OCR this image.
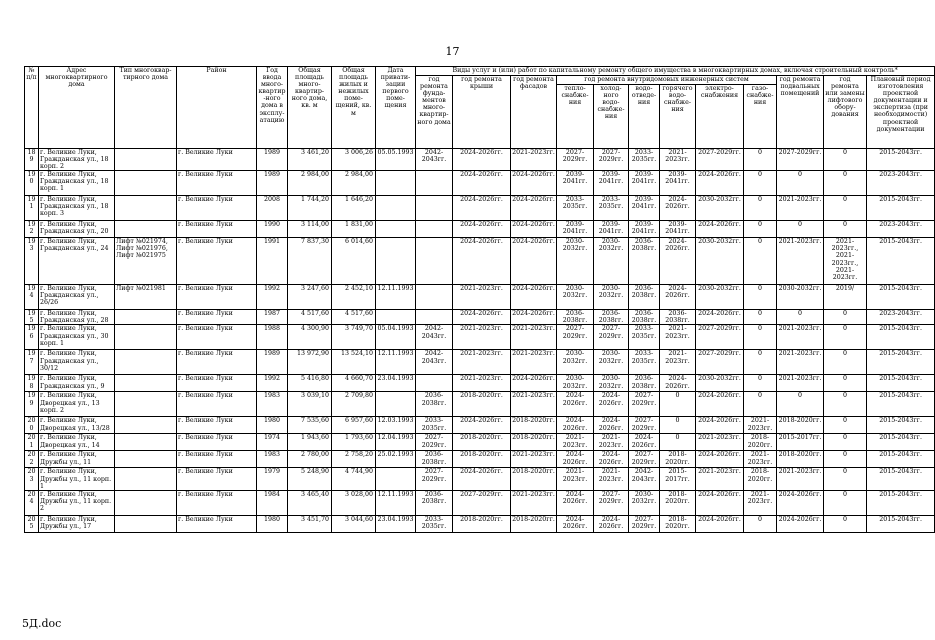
17
№ п/п	Адрес многоквартирного дома	Тип многоквар-тирного дома	Район	Год ввода много-квартир-ного дома в эксплу-атацию	Общая площадь много-квартир-ного дома, кв. м	Общая площадь жилых и нежилых поме-щений, кв. м	Дата привати-зации первого поме-щения	Виды услуг и (или) работ по капитальному ремонту общего имущества в многоквартирных домах, включая строительный контроль*											
								год ремонта фунда-ментов много-квартир-ного дома	год ремонта крыши	год ремонта фасадов	год ремонта внутридомовых инженерных систем						год ремонта подвальных помещений	год ремонта или замены лифтового обору-дования	Плановый период изготовления проектной документации и экспертиза (при необходимости) проектной документации
											тепло-снабже-ния	холод-ного водо-снабже-ния	водо-отведе-ния	горячего водо-снабже-ния	электро-снабжения	газо-снабже-ния			
189	г. Великие Луки, Гражданская ул., 18 корп. 2		г. Великие Луки	1989	3 461,20	3 006,26	05.05.1993	2042-2043гг.	2024-2026гг.	2021-2023гг.	2027-2029гг.	2027-2029гг.	2033-2035гг.	2021-2023гг.	2027-2029гг.	0	2027-2029гг.	0	2015-2043гг.
190	г. Великие Луки, Гражданская ул., 18 корп. 1		г. Великие Луки	1989	2 984,00	2 984,00			2024-2026гг.	2024-2026гг.	2039-2041гг.	2039-2041гг.	2039-2041гг.	2039-2041гг.	2024-2026гг.	0	0	0	2023-2043гг.
191	г. Великие Луки, Гражданская ул., 18 корп. 3		г. Великие Луки	2008	1 744,20	1 646,20			2024-2026гг.	2024-2026гг.	2033-2035гг.	2033-2035гг.	2039-2041гг.	2024-2026гг.	2030-2032гг.	0	2021-2023гг.	0	2015-2043гг.
192	г. Великие Луки, Гражданская ул., 20		г. Великие Луки	1990	3 114,00	1 831,00			2024-2026гг.	2024-2026гг.	2039-2041гг.	2039-2041гг.	2039-2041гг.	2039-2041гг.	2024-2026гг.	0	0	0	2023-2043гг.
193	г. Великие Луки, Гражданская ул., 24	Лифт №021974, Лифт №021976, Лифт №021975	г. Великие Луки	1991	7 837,30	6 014,60			2024-2026гг.	2024-2026гг.	2030-2032гг.	2030-2032гг.	2036-2038гг.	2024-2026гг.	2030-2032гг.	0	2021-2023гг.	2021-2023гг., 2021-2023гг., 2021-2023гг.	2015-2043гг.
194	г. Великие Луки, Гражданская ул., 26/26	Лифт №021981	г. Великие Луки	1992	3 247,60	2 452,10	12.11.1993		2021-2023гг.	2024-2026гг.	2030-2032гг.	2030-2032гг.	2036-2038гг.	2024-2026гг.	2030-2032гг.	0	2030-2032гг.	2019/	2015-2043гг.
195	г. Великие Луки, Гражданская ул., 28		г. Великие Луки	1987	4 517,60	4 517,60			2024-2026гг.	2024-2026гг.	2036-2038гг.	2036-2038гг.	2036-2038гг.	2036-2038гг.	2024-2026гг.	0	0	0	2023-2043гг.
196	г. Великие Луки, Гражданская ул., 30 корп. 1		г. Великие Луки	1988	4 300,90	3 749,70	05.04.1993	2042-2043гг.	2021-2023гг.	2021-2023гг.	2027-2029гг.	2027-2029гг.	2033-2035гг.	2021-2023гг.	2027-2029гг.	0	2021-2023гг.	0	2015-2043гг.
197	г. Великие Луки, Гражданская ул., 30/12		г. Великие Луки	1989	13 972,90	13 524,10	12.11.1993	2042-2043гг.	2021-2023гг.	2021-2023гг.	2030-2032гг.	2030-2032гг.	2033-2035гг.	2021-2023гг.	2027-2029гг.	0	2021-2023гг.	0	2015-2043гг.
198	г. Великие Луки, Гражданская ул., 9		г. Великие Луки	1992	5 416,80	4 660,70	23.04.1993		2021-2023гг.	2024-2026гг.	2030-2032гг.	2030-2032гг.	2036-2038гг.	2024-2026гг.	2030-2032гг.	0	2021-2023гг.	0	2015-2043гг.
199	г. Великие Луки, Дворецкая ул., 13 корп. 2		г. Великие Луки	1983	3 039,10	2 709,80		2036-2038гг.	2018-2020гг.	2021-2023гг.	2024-2026гг.	2024-2026гг.	2027-2029гг.	0	2024-2026гг.	0	0	0	2015-2043гг.
200	г. Великие Луки, Дворецкая ул., 13/28		г. Великие Луки	1980	7 535,60	6 957,60	12.03.1993	2033-2035гг.	2024-2026гг.	2018-2020гг.	2024-2026гг.	2024-2026гг.	2027-2029гг.	0	2024-2026гг.	2021-2023гг.	2018-2020гг.	0	2015-2043гг.
201	г. Великие Луки, Дворецкая ул., 14		г. Великие Луки	1974	1 943,60	1 793,60	12.04.1993	2027-2029гг.	2018-2020гг.	2018-2020гг.	2021-2023гг.	2021-2023гг.	2024-2026гг.	0	2021-2023гг.	2018-2020гг.	2015-2017гг.	0	2015-2043гг.
202	г. Великие Луки, Дружбы ул., 11		г. Великие Луки	1983	2 780,00	2 758,20	25.02.1993	2036-2038гг.	2018-2020гг.	2021-2023гг.	2024-2026гг.	2024-2026гг.	2027-2029гг.	2018-2020гг.	2024-2026гг.	2021-2023гг.	2018-2020гг.	0	2015-2043гг.
203	г. Великие Луки, Дружбы ул., 11 корп. 1		г. Великие Луки	1979	5 248,90	4 744,90		2027-2029гг.	2024-2026гг.	2018-2020гг.	2021-2023гг.	2021-2023гг.	2042-2043гг.	2015-2017гг.	2021-2023гг.	2018-2020гг.	2021-2023гг.	0	2015-2043гг.
204	г. Великие Луки, Дружбы ул., 11 корп. 2		г. Великие Луки	1984	3 465,40	3 028,00	12.11.1993	2036-2038гг.	2027-2029гг.	2021-2023гг.	2024-2026гг.	2027-2029гг.	2030-2032гг.	2018-2020гг.	2024-2026гг.	2021-2023гг.	2024-2026гг.	0	2015-2043гг.
205	г. Великие Луки, Дружбы ул., 17		г. Великие Луки	1980	3 451,70	3 044,60	23.04.1993	2033-2035гг.	2018-2020гг.	2018-2020гг.	2024-2026гг.	2024-2026гг.	2027-2029гг.	2018-2020гг.	2024-2026гг.	0	2024-2026гг.	0	2015-2043гг.
5Д.doc
